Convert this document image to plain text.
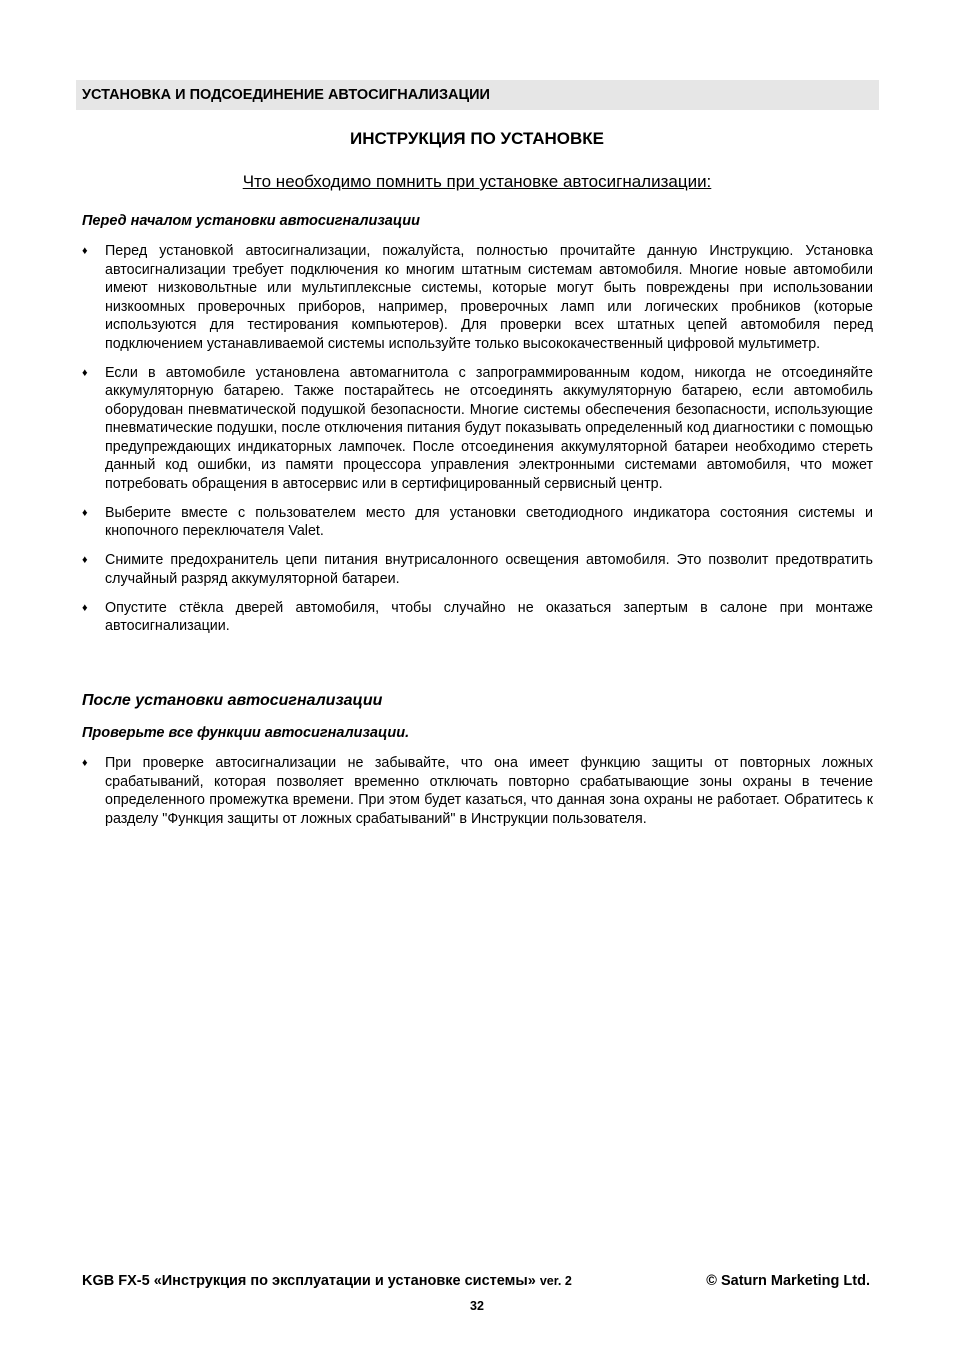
УСТАНОВКА И ПОДСОЕДИНЕНИЕ АВТОСИГНАЛИЗАЦИИ
ИНСТРУКЦИЯ ПО УСТАНОВКЕ
Что необходимо помнить при установке автосигнализации:
Перед началом установки автосигнализации
♦ Перед установкой автосигнализации, пожалуйста, полностью прочитайте данную Инструкцию. Установка автосигнализации требует подключения ко многим штатным системам автомобиля. Многие новые автомобили имеют низковольтные или мультиплексные системы, которые могут быть повреждены при использовании низкоомных проверочных приборов, например, проверочных ламп или логических пробников (которые используются для тестирования компьютеров). Для проверки всех штатных цепей автомобиля перед подключением устанавливаемой системы используйте только высококачественный цифровой мультиметр.
♦ Если в автомобиле установлена автомагнитола с запрограммированным кодом, никогда не отсоединяйте аккумуляторную батарею. Также постарайтесь не отсоединять аккумуляторную батарею, если автомобиль оборудован пневматической подушкой безопасности. Многие системы обеспечения безопасности, использующие пневматические подушки, после отключения питания будут показывать определенный код диагностики с помощью предупреждающих индикаторных лампочек. После отсоединения аккумуляторной батареи необходимо стереть данный код ошибки, из памяти процессора управления электронными системами автомобиля, что может потребовать обращения в автосервис или в сертифицированный сервисный центр.
♦ Выберите вместе с пользователем место для установки светодиодного индикатора состояния системы и кнопочного переключателя Valet.
♦ Снимите предохранитель цепи питания внутрисалонного освещения автомобиля. Это позволит предотвратить случайный разряд аккумуляторной батареи.
♦ Опустите стёкла дверей автомобиля, чтобы случайно не оказаться запертым в салоне при монтаже автосигнализации.
После установки автосигнализации
Проверьте все функции автосигнализации.
♦ При проверке автосигнализации не забывайте, что она имеет функцию защиты от повторных ложных срабатываний, которая позволяет временно отключать повторно срабатывающие зоны охраны в течение определенного промежутка времени. При этом будет казаться, что данная зона охраны не работает. Обратитесь к разделу "Функция защиты от ложных срабатываний" в Инструкции пользователя.
KGB FX-5 «Инструкция по эксплуатации и установке системы» ver. 2	© Saturn Marketing Ltd.
32
